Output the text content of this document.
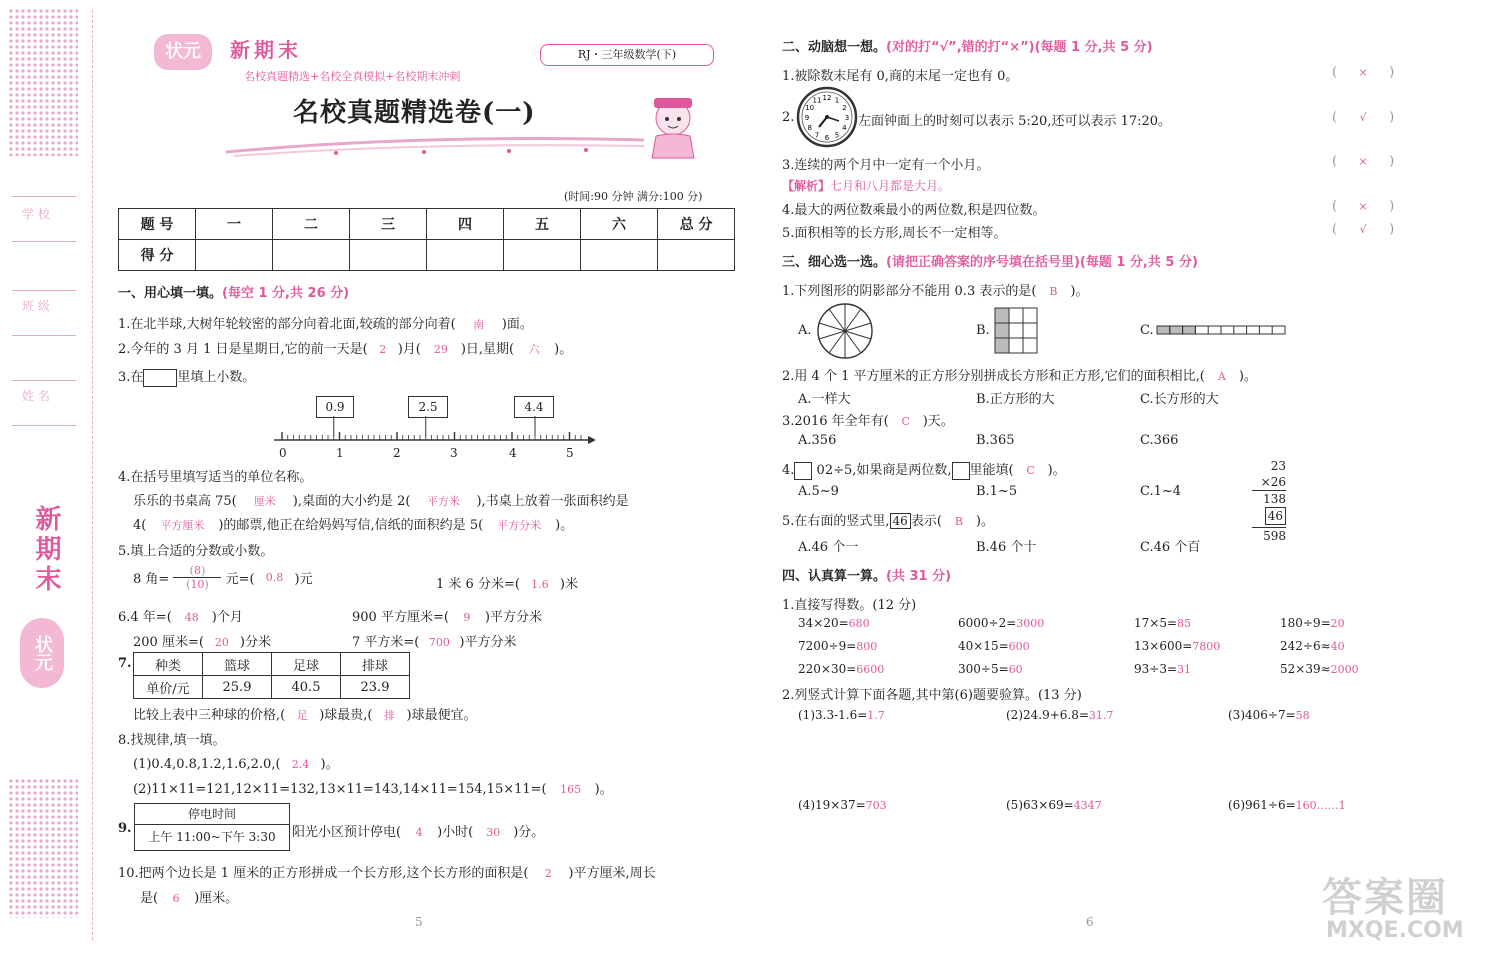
学 校
班 级
姓 名
新期末
状元
状元	新期末
名校真题精选+名校全真模拟+名校期末冲刺
RJ・三年级数学(下)
名校真题精选卷(一)
(时间:90 分钟 满分:100 分)
题 号	一	二	三	四	五	六	总 分
得 分							
一、用心填一填。(每空 1 分,共 26 分)
1.在北半球,大树年轮较密的部分向着北面,较疏的部分向着( 南 )面。
2.今年的 3 月 1 日是星期日,它的前一天是( 2 )月( 29 )日,星期( 六 )。
3.在	里填上小数。
0.9	2.5	4.4
0	1	2	3	4	5
4.在括号里填写适当的单位名称。
乐乐的书桌高 75( 厘米 ),桌面的大小约是 2( 平方米 ),书桌上放着一张面积约是
4( 平方厘米 )的邮票,他正在给妈妈写信,信纸的面积约是 5( 平方分米 )。
5.填上合适的分数或小数。
8 角= $\frac{(8)}{(10)}$ 元=( 0.8 )元	1 米 6 分米=( 1.6 )米
6.4 年=( 48 )个月	900 平方厘米=( 9 )平方分米
200 厘米=( 20 )分米	7 平方米=( 700 )平方分米
7. 种类	篮球	足球	排球
单价/元	25.9	40.5	23.9
比较上表中三种球的价格,( 足 )球最贵,( 排 )球最便宜。
8.找规律,填一填。
(1)0.4,0.8,1.2,1.6,2.0,( 2.4 )。
(2)11×11=121,12×11=132,13×11=143,14×11=154,15×11=( 165 )。
9.
停电时间
上午 11:00~下午 3:30	阳光小区预计停电( 4 )小时( 30 )分。
10.把两个边长是 1 厘米的正方形拼成一个长方形,这个长方形的面积是( 2 )平方厘米,周长
是( 6 )厘米。
5
二、动脑想一想。(对的打“√”,错的打“×”)(每题 1 分,共 5 分)
1.被除数末尾有 0,商的末尾一定也有 0。	( × )
2.
12 1
2
3
4
5
6
7
8
9
10
11
左面钟面上的时刻可以表示 5:20,还可以表示 17:20。	( √ )
3.连续的两个月中一定有一个小月。	( × )
【解析】七月和八月都是大月。
4.最大的两位数乘最小的两位数,积是四位数。	( × )
5.面积相等的长方形,周长不一定相等。	( √ )
三、细心选一选。(请把正确答案的序号填在括号里)(每题 1 分,共 5 分)
1.下列图形的阴影部分不能用 0.3 表示的是( B )。
A.	B.	C.
2.用 4 个 1 平方厘米的正方形分别拼成长方形和正方形,它们的面积相比,( A )。
A.一样大	B.正方形的大	C.长方形的大
3.2016 年全年有( C )天。
A.356	B.365	C.366
4. 02÷5,如果商是两位数, 里能填( C )。
A.5~9	B.1~5	C.1~4
5.在右面的竖式里, 46 表示( B )。
A.46 个一	B.46 个十	C.46 个百
23
×26
138
46
598
四、认真算一算。(共 31 分)
1.直接写得数。(12 分)
34×20=680	6000÷2=3000	17×5=85	180÷9=20
7200÷9=800	40×15=600	13×600=7800	242÷6≈40
220×30=6600	300÷5=60	93÷3=31	52×39≈2000
2.列竖式计算下面各题,其中第(6)题要验算。(13 分)
(1)3.3-1.6=1.7	(2)24.9+6.8=31.7	(3)406÷7=58
(4)19×37=703	(5)63×69=4347	(6)961÷6=160……1
6
答案圈
MXQE.COM
